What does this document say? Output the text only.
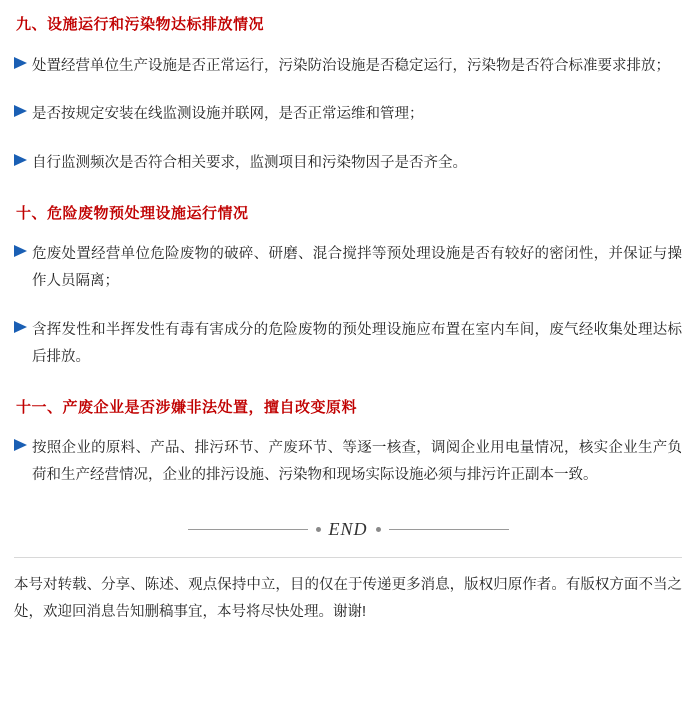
九、设施运行和污染物达标排放情况
处置经营单位生产设施是否正常运行，污染防治设施是否稳定运行，污染物是否符合标准要求排放；
是否按规定安装在线监测设施并联网，是否正常运维和管理；
自行监测频次是否符合相关要求，监测项目和污染物因子是否齐全。
十、危险废物预处理设施运行情况
危废处置经营单位危险废物的破碎、研磨、混合搅拌等预处理设施是否有较好的密闭性，并保证与操作人员隔离；
含挥发性和半挥发性有毒有害成分的危险废物的预处理设施应布置在室内车间，废气经收集处理达标后排放。
十一、产废企业是否涉嫌非法处置，擅自改变原料
按照企业的原料、产品、排污环节、产废环节、等逐一核查，调阅企业用电量情况，核实企业生产负荷和生产经营情况，企业的排污设施、污染物和现场实际设施必须与排污许正副本一致。
END

本号对转载、分享、陈述、观点保持中立，目的仅在于传递更多消息，版权归原作者。有版权方面不当之处，欢迎回消息告知删稿事宜，本号将尽快处理。谢谢!
